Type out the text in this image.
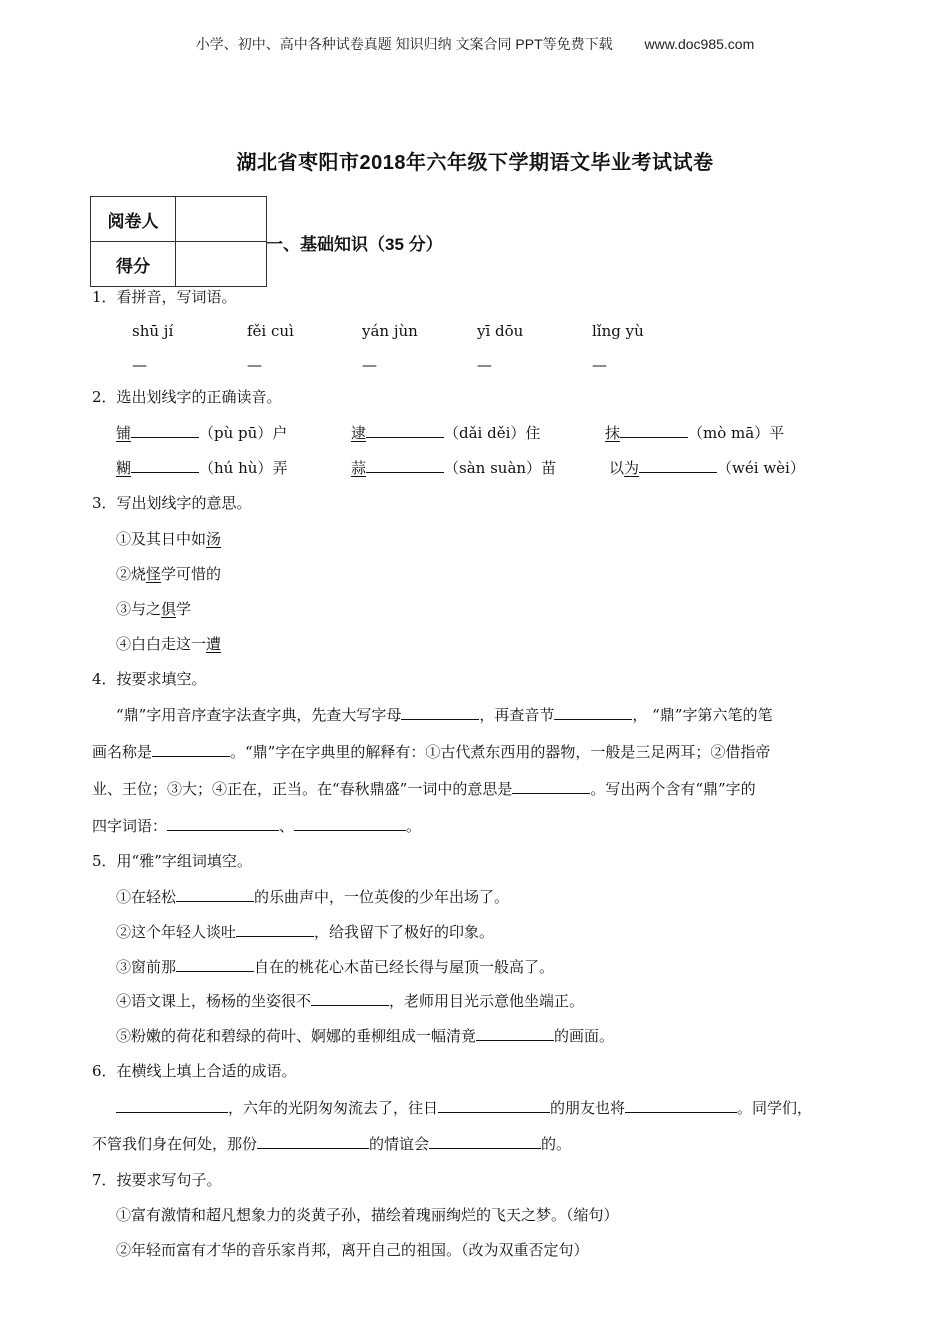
小学、初中、高中各种试卷真题 知识归纳 文案合同 PPT等免费下载 www.doc985.com
湖北省枣阳市2018年六年级下学期语文毕业考试试卷
阅卷人	
得分	
一、基础知识（35 分）
1．看拼音，写词语。
shū jí	fěi cuì	yán jùn	yī dōu	lǐng yù
—	—	—	—	—
2．选出划线字的正确读音。
铺	（pù pū）户	逮	（dǎi děi）住	抹	（mò mā）平
糊	（hú hù）弄	蒜	（sàn suàn）苗	以为	（wéi wèi）
3．写出划线字的意思。
①及其日中如汤
②烧怪学可惜的
③与之俱学
④白白走这一遭
4．按要求填空。
“鼎”字用音序查字法查字典，先查大写字母	，再查音节	， “鼎”字第六笔的笔
画名称是	。“鼎”字在字典里的解释有：①古代煮东西用的器物，一般是三足两耳；②借指帝
业、王位；③大；④正在，正当。在“春秋鼎盛”一词中的意思是	。写出两个含有“鼎”字的
四字词语：	、	。
5．用“雅”字组词填空。
①在轻松	的乐曲声中，一位英俊的少年出场了。
②这个年轻人谈吐	，给我留下了极好的印象。
③窗前那	自在的桃花心木苗已经长得与屋顶一般高了。
④语文课上，杨杨的坐姿很不	，老师用目光示意他坐端正。
⑤粉嫩的荷花和碧绿的荷叶、婀娜的垂柳组成一幅清竟	的画面。
6．在横线上填上合适的成语。
，六年的光阴匆匆流去了，往日	的朋友也将	。同学们，
不管我们身在何处，那份	的情谊会	的。
7．按要求写句子。
①富有激情和超凡想象力的炎黄子孙，描绘着瑰丽绚烂的飞天之梦。（缩句）
②年轻而富有才华的音乐家肖邦，离开自己的祖国。（改为双重否定句）
